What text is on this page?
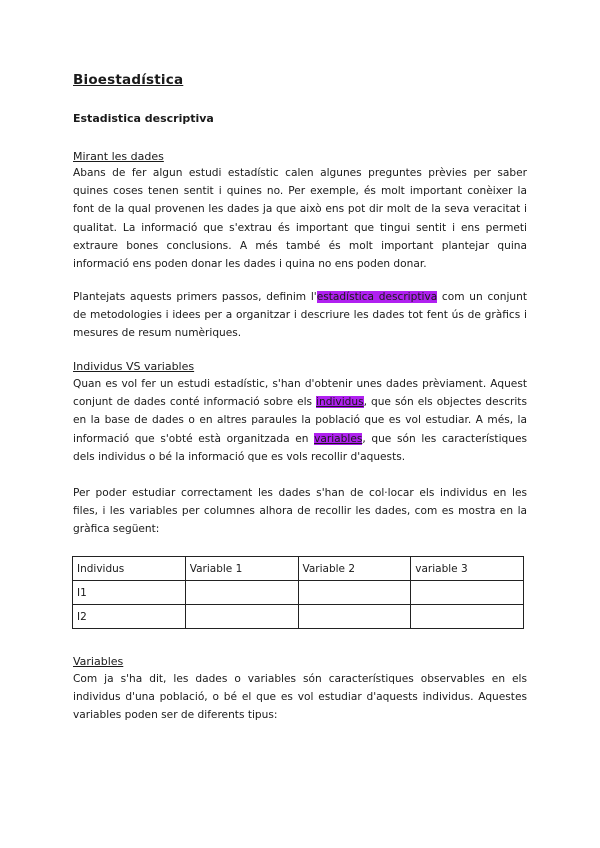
Bioestadística
Estadistica descriptiva
Mirant les dades
Abans de fer algun estudi estadístic calen algunes preguntes prèvies per saber quines coses tenen sentit i quines no. Per exemple, és molt important conèixer la font de la qual provenen les dades ja que això ens pot dir molt de la seva veracitat i qualitat. La informació que s'extrau és important que tingui sentit i ens permeti extraure bones conclusions. A més també és molt important plantejar quina informació ens poden donar les dades i quina no ens poden donar.
Plantejats aquests primers passos, definim l'estadística descriptiva com un conjunt de metodologies i idees per a organitzar i descriure les dades tot fent ús de gràfics i mesures de resum numèriques.
Individus VS variables
Quan es vol fer un estudi estadístic, s'han d'obtenir unes dades prèviament. Aquest conjunt de dades conté informació sobre els individus, que són els objectes descrits en la base de dades o en altres paraules la població que es vol estudiar. A més, la informació que s'obté està organitzada en variables, que són les característiques dels individus o bé la informació que es vols recollir d'aquests.
Per poder estudiar correctament les dades s'han de col·locar els individus en les files, i les variables per columnes alhora de recollir les dades, com es mostra en la gràfica següent:
Individus	Variable 1	Variable 2	variable 3
I1			
I2			
Variables
Com ja s'ha dit, les dades o variables són característiques observables en els individus d'una població, o bé el que es vol estudiar d'aquests individus. Aquestes variables poden ser de diferents tipus:
